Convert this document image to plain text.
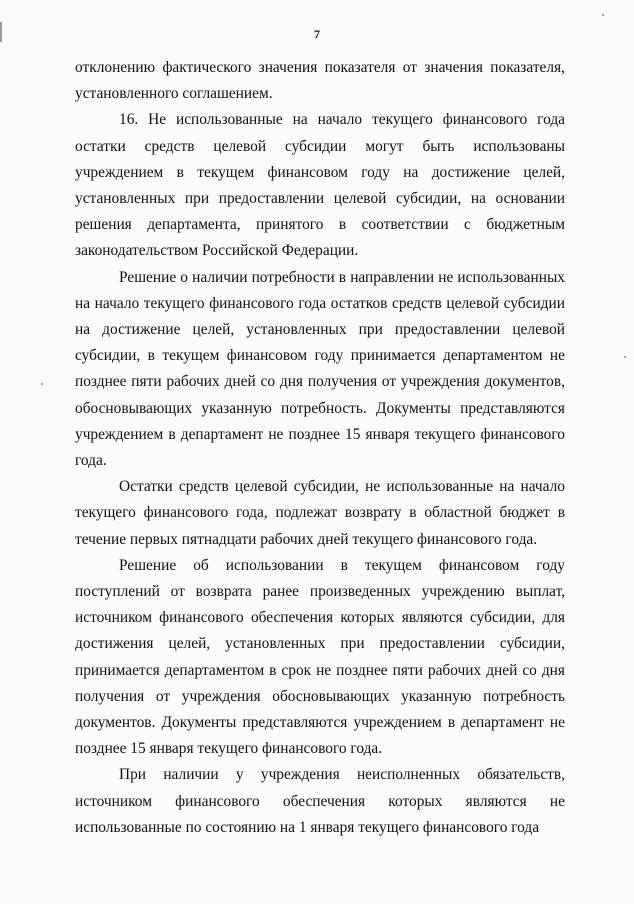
7

отклонению фактического значения показателя от значения показателя, установленного соглашением.

16. Не использованные на начало текущего финансового года остатки средств целевой субсидии могут быть использованы учреждением в текущем финансовом году на достижение целей, установленных при предоставлении целевой субсидии, на основании решения департамента, принятого в соответствии с бюджетным законодательством Российской Федерации.

Решение о наличии потребности в направлении не использованных на начало текущего финансового года остатков средств целевой субсидии на достижение целей, установленных при предоставлении целевой субсидии, в текущем финансовом году принимается департаментом не позднее пяти рабочих дней со дня получения от учреждения документов, обосновывающих указанную потребность. Документы представляются учреждением в департамент не позднее 15 января текущего финансового года.

Остатки средств целевой субсидии, не использованные на начало текущего финансового года, подлежат возврату в областной бюджет в течение первых пятнадцати рабочих дней текущего финансового года.

Решение об использовании в текущем финансовом году поступлений от возврата ранее произведенных учреждению выплат, источником финансового обеспечения которых являются субсидии, для достижения целей, установленных при предоставлении субсидии, принимается департаментом в срок не позднее пяти рабочих дней со дня получения от учреждения обосновывающих указанную потребность документов. Документы представляются учреждением в департамент не позднее 15 января текущего финансового года.

При наличии у учреждения неисполненных обязательств, источником финансового обеспечения которых являются не использованные по состоянию на 1 января текущего финансового года
